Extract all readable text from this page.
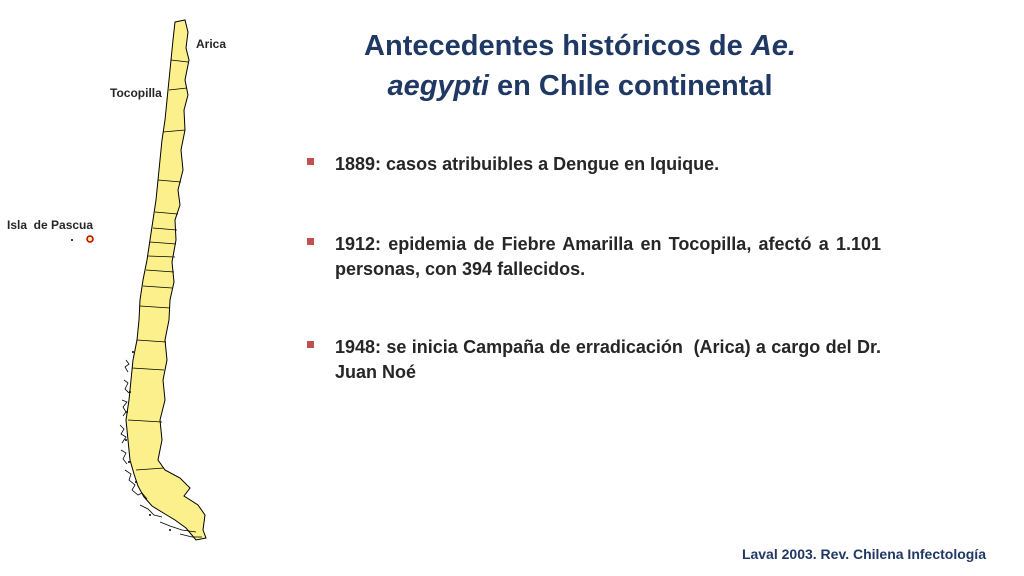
Arica
Tocopilla
Isla  de Pascua
Antecedentes históricos de Ae.
aegypti en Chile continental
1889: casos atribuibles a Dengue en Iquique.
1912: epidemia de Fiebre Amarilla en Tocopilla, afectó a 1.101 personas, con 394 fallecidos.
1948: se inicia Campaña de erradicación  (Arica) a cargo del Dr. Juan Noé
Laval 2003. Rev. Chilena Infectología
